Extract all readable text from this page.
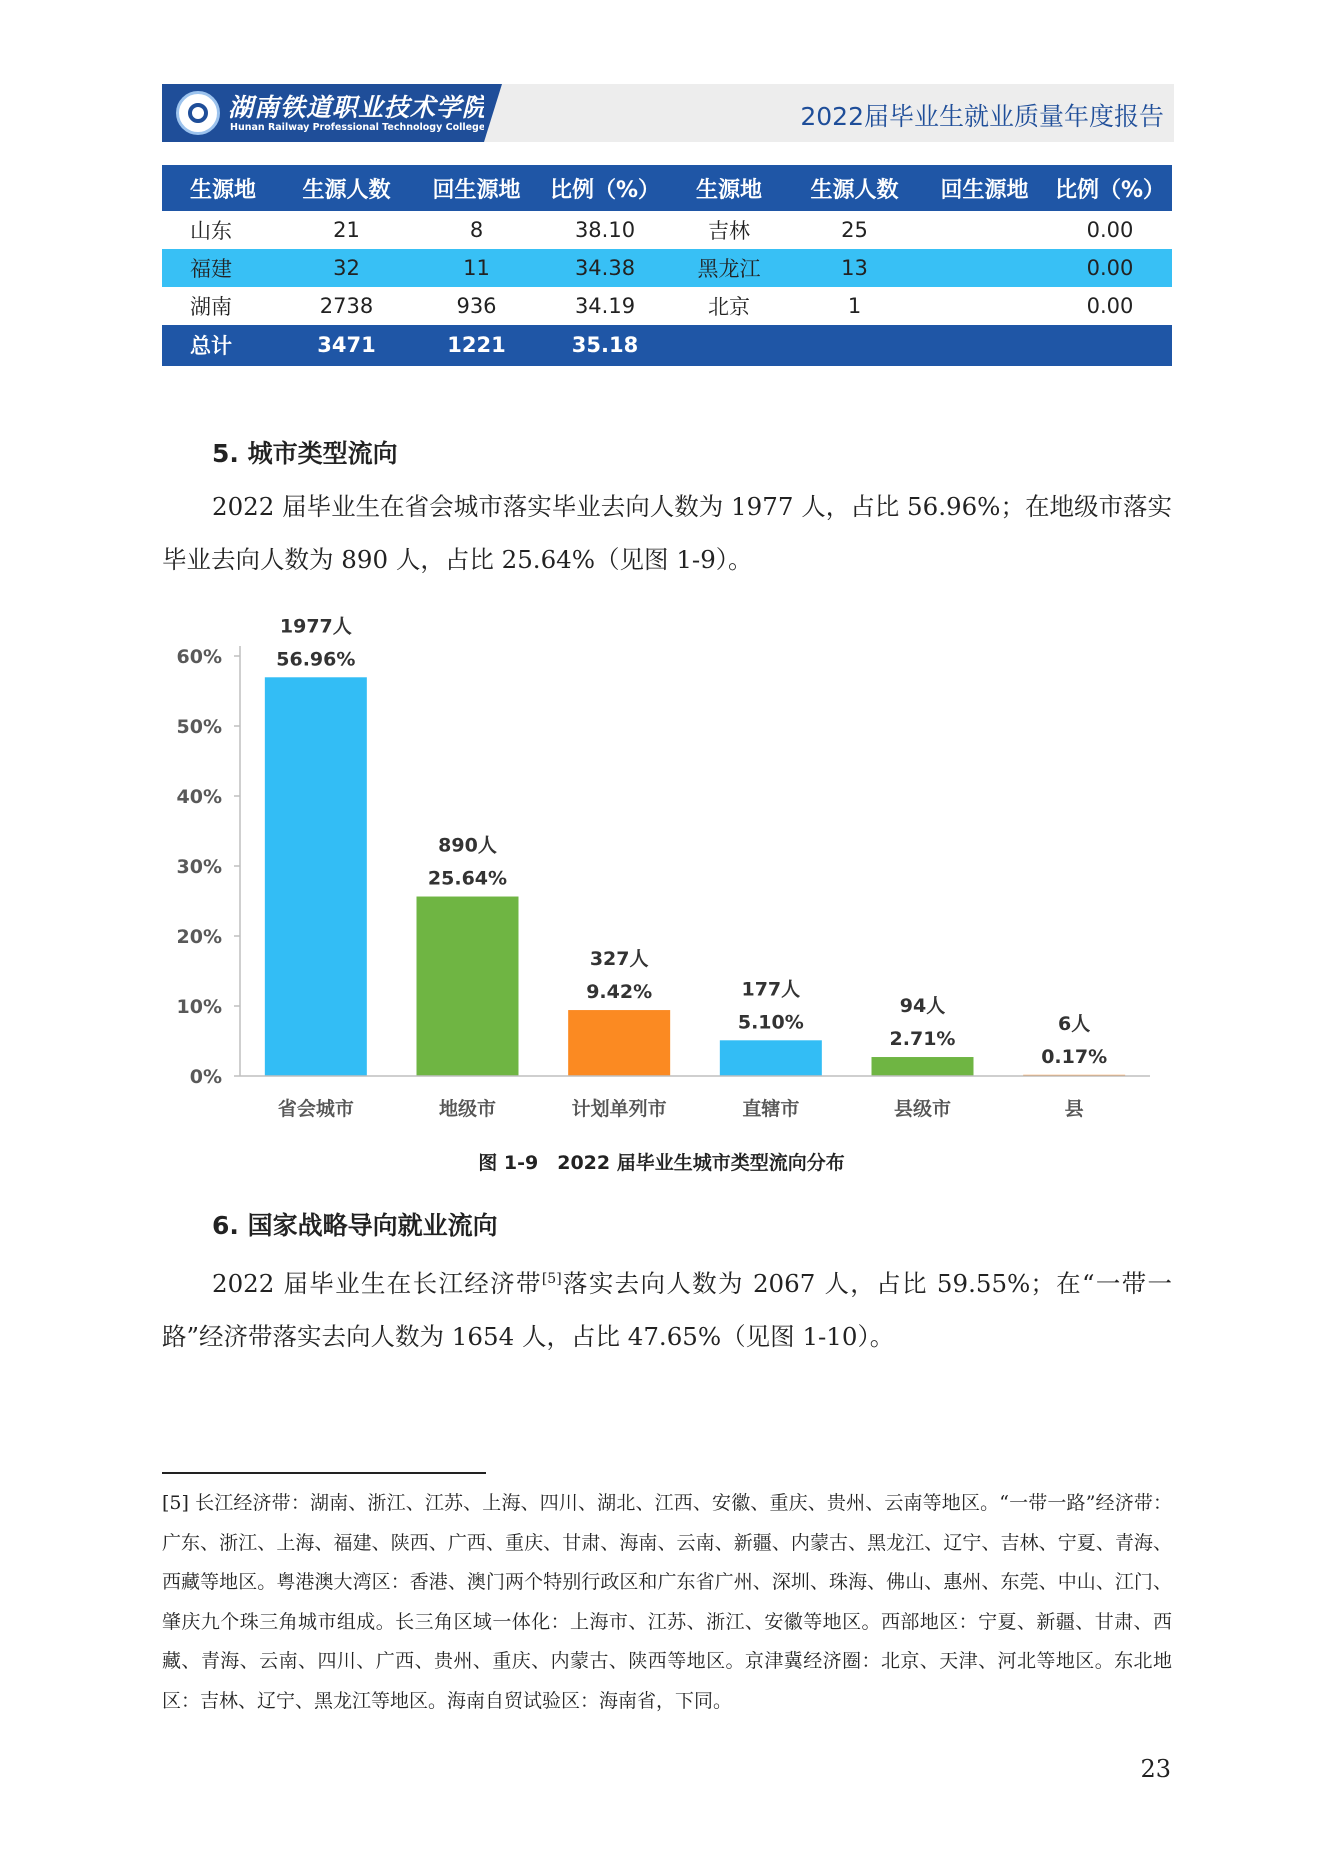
湖南铁道职业技术学院
Hunan Railway Professional Technology College	2022届毕业生就业质量年度报告
生源地	生源人数	回生源地	比例（%）	生源地	生源人数	回生源地	比例（%）
山东	21	8	38.10	吉林	25		0.00
福建	32	11	34.38	黑龙江	13		0.00
湖南	2738	936	34.19	北京	1		0.00
总计	3471	1221	35.18				
5. 城市类型流向

2022 届毕业生在省会城市落实毕业去向人数为 1977 人，占比 56.96%；在地级市落实毕业去向人数为 890 人，占比 25.64%（见图 1-9）。

0%
10%
20%
30%
40%
50%
60%	56.96%
1977人
25.64%
890人
9.42%
327人
5.10%
177人
2.71%
94人
0.17%
6人
省会城市	地级市	计划单列市	直辖市	县级市	县
图 1-9　2022 届毕业生城市类型流向分布
6. 国家战略导向就业流向

2022 届毕业生在长江经济带[5]落实去向人数为 2067 人，占比 59.55%；在“一带一路”经济带落实去向人数为 1654 人，占比 47.65%（见图 1-10）。

[5] 长江经济带：湖南、浙江、江苏、上海、四川、湖北、江西、安徽、重庆、贵州、云南等地区。“一带一路”经济带：广东、浙江、上海、福建、陕西、广西、重庆、甘肃、海南、云南、新疆、内蒙古、黑龙江、辽宁、吉林、宁夏、青海、西藏等地区。粤港澳大湾区：香港、澳门两个特别行政区和广东省广州、深圳、珠海、佛山、惠州、东莞、中山、江门、肇庆九个珠三角城市组成。长三角区域一体化：上海市、江苏、浙江、安徽等地区。西部地区：宁夏、新疆、甘肃、西藏、青海、云南、四川、广西、贵州、重庆、内蒙古、陕西等地区。京津冀经济圈：北京、天津、河北等地区。东北地区：吉林、辽宁、黑龙江等地区。海南自贸试验区：海南省，下同。

23
